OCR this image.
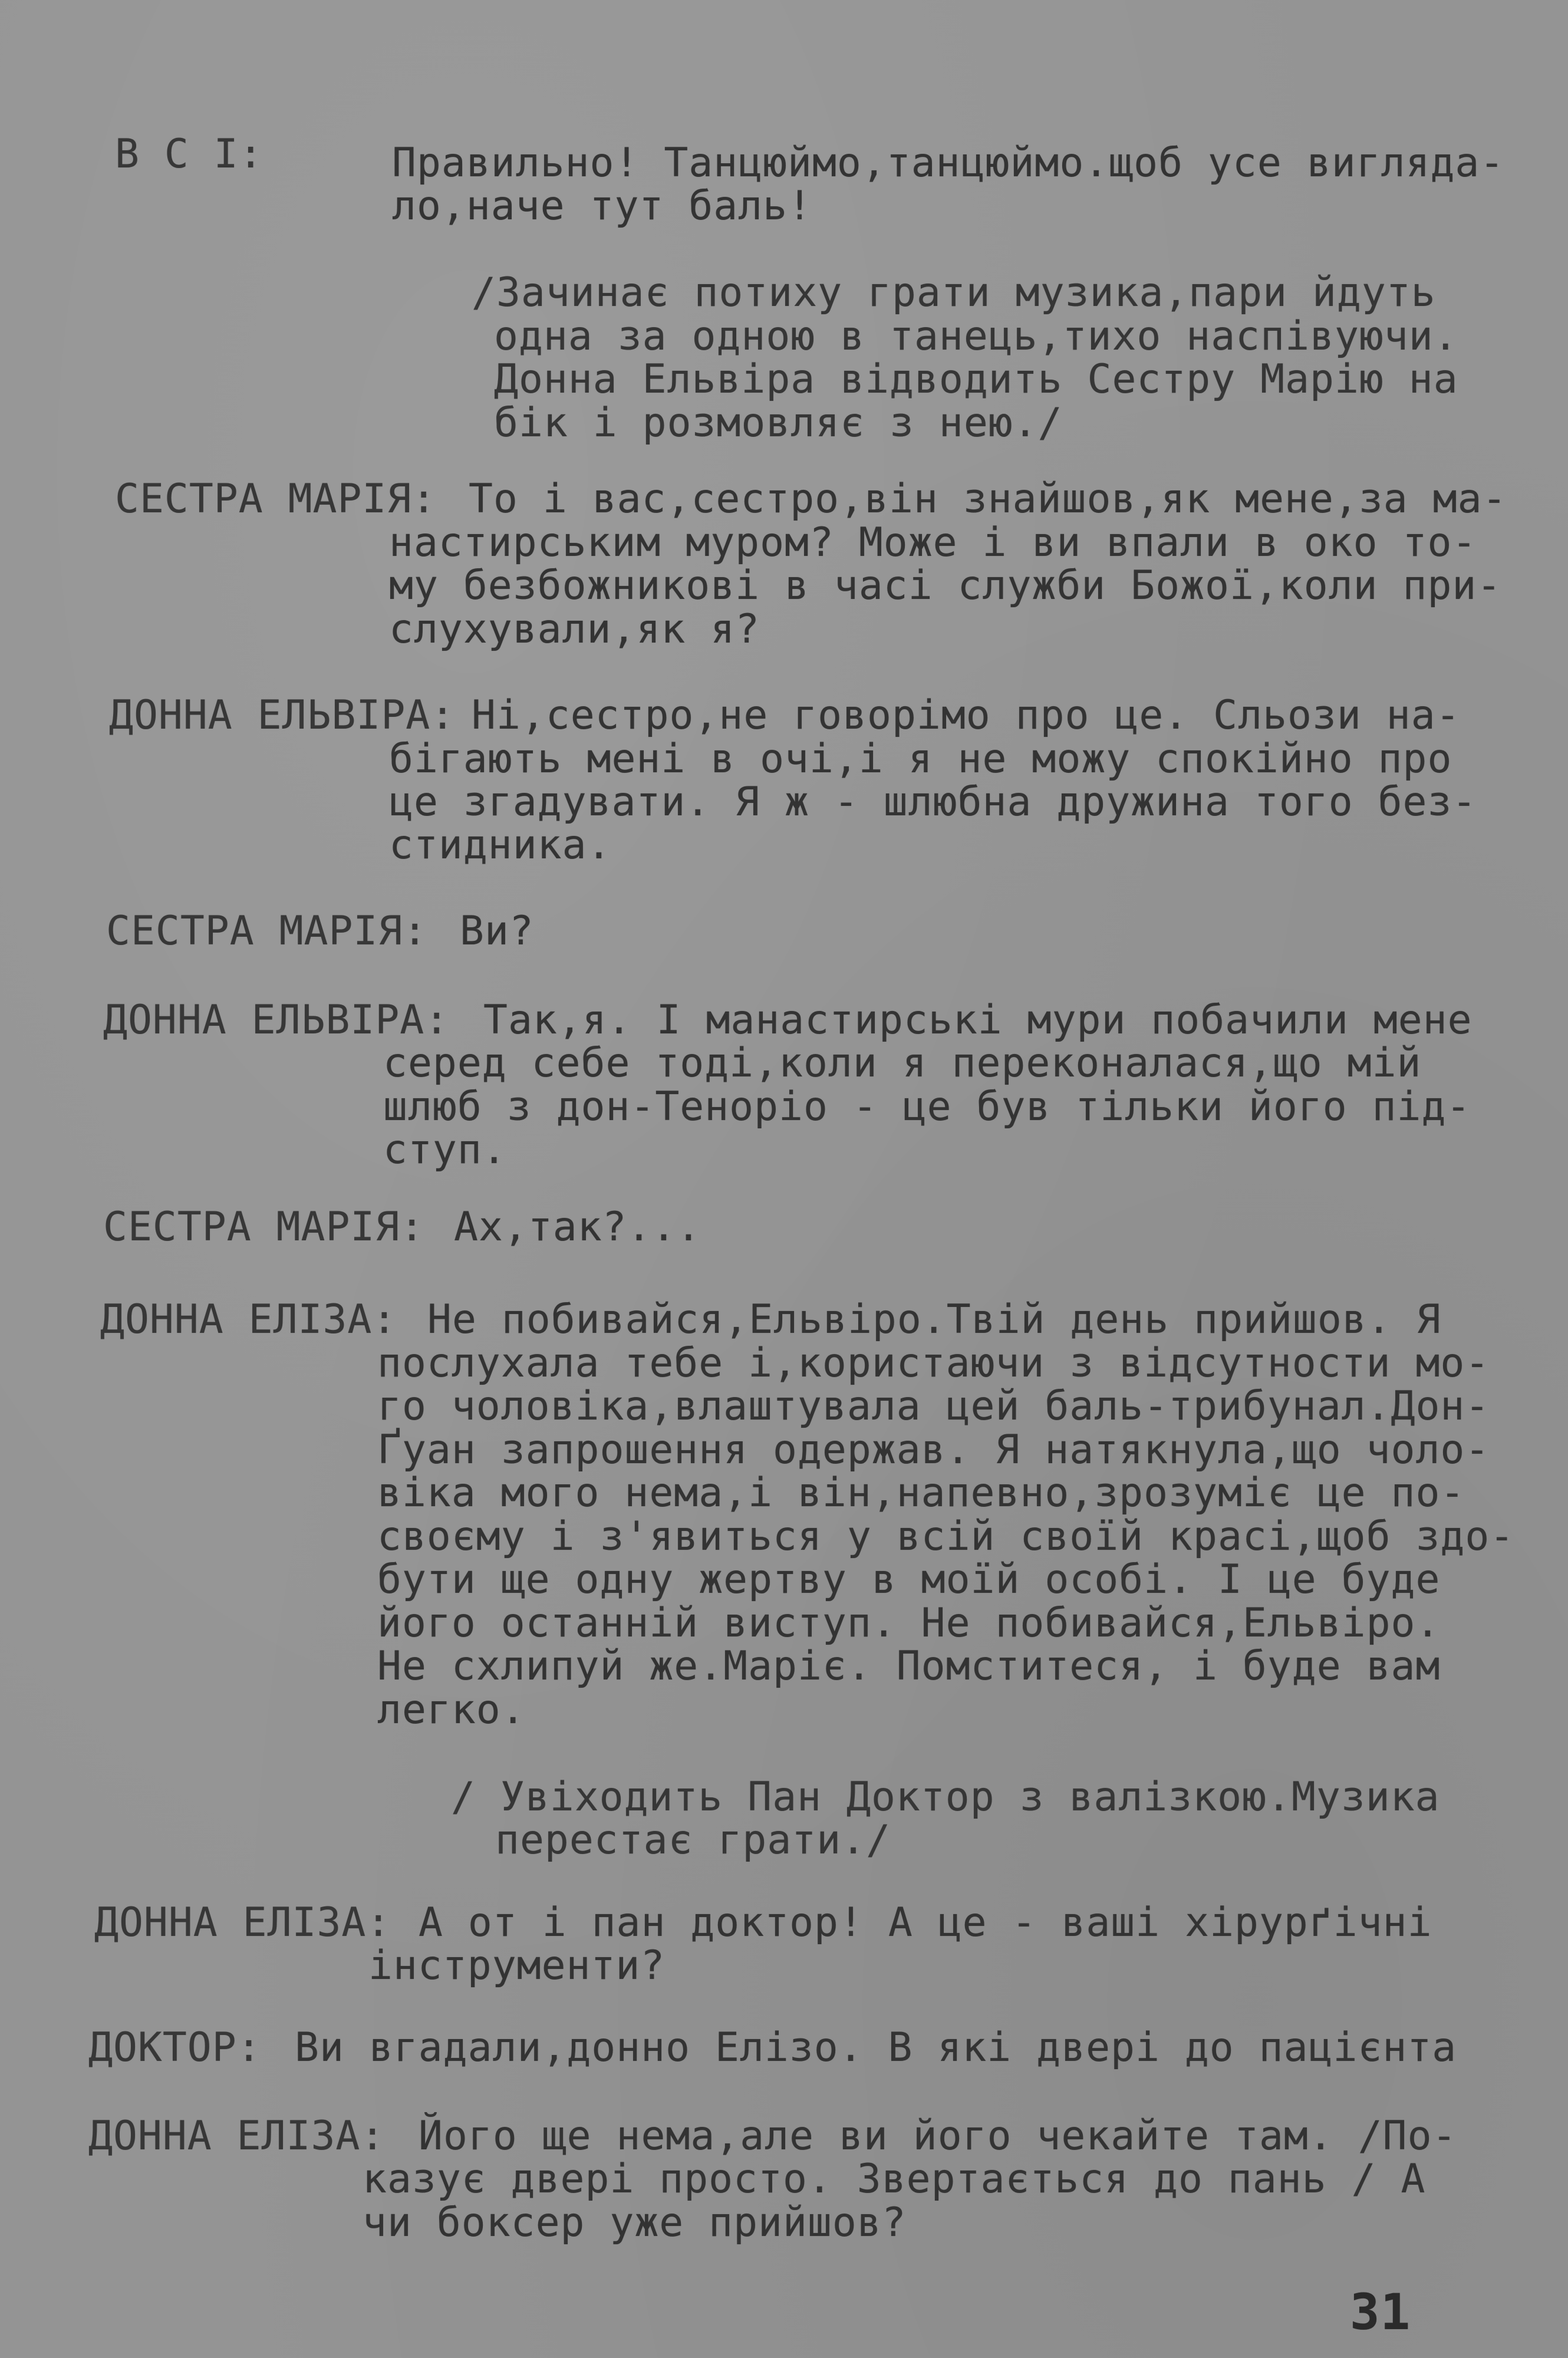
В С І:	Правильно! Танцюймо,танцюймо.щоб усе виглядa-
ло,наче тут баль!
/Зачинає потиху грати музика,пари йдуть
одна за одною в танець,тихо наспівуючи.
Донна Ельвіра відводить Сестру Марію на
бік і розмовляє з нею./
СЕСТРА МАРІЯ: То і вас,сестро,він знайшов,як мене,за ма-
настирським муром? Може і ви впали в око то-
му безбожникові в часі служби Божої,коли при-
слухували,як я?
ДОННА ЕЛЬВІРА: Ні,сестро,не говорімо про це. Сльози на-
бігають мені в очі,і я не можу спокійно про
це згадувати. Я ж - шлюбна дружина того без-
стидника.
СЕСТРА МАРІЯ: Ви?
ДОННА ЕЛЬВІРА: Так,я. І манастирські мури побачили мене
серед себе тоді,коли я переконалася,що мій
шлюб з дон-Теноріо - це був тільки його під-
ступ.
СЕСТРА МАРІЯ: Ах,так?...
ДОННА ЕЛІЗА: Не побивайся,Ельвіро.Твій день прийшов. Я
послухала тебе і,користаючи з відсутности мо-
го чоловіка,влаштувала цей баль-трибунал.Дон-
Ґуан запрошення одержав. Я натякнула,що чоло-
віка мого нема,і він,напевно,зрозуміє це по-
своєму і з'явиться у всій своїй красі,щоб здо-
бути ще одну жертву в моїй особі. І це буде
його останній виступ. Не побивайся,Ельвіро.
Не схлипуй же.Маріє. Помститеся, і буде вам
легко.
/ Увіходить Пан Доктор з валізкою.Музика
перестає грати./
ДОННА ЕЛІЗА: А от і пан доктор! А це - ваші хірурґічні
інструменти?
ДОКТОР: Ви вгадали,донно Елізо. В які двері до пацієнта
ДОННА ЕЛІЗА: Його ще нема,але ви його чекайте там. /По-
казує двері просто. Звертається до пань / А
чи боксер уже прийшов?
31
